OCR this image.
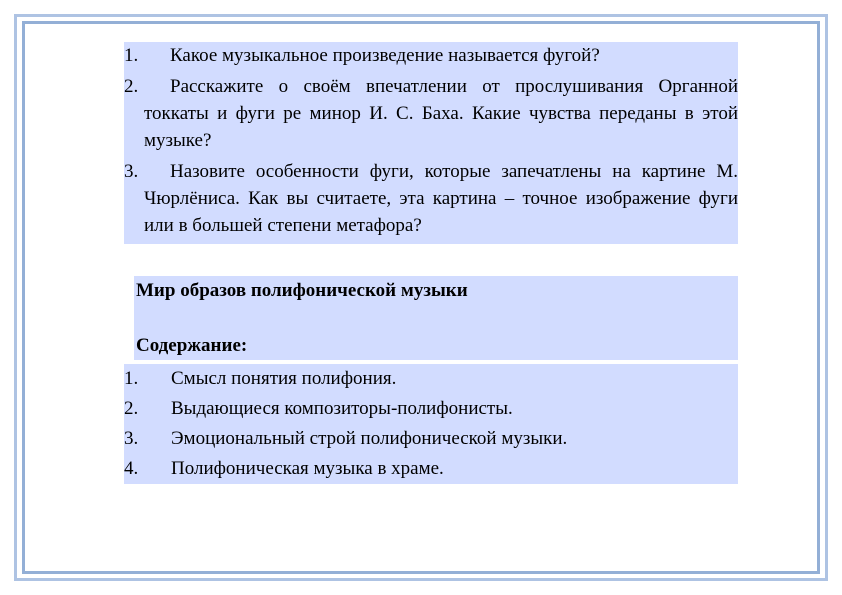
1. Какое музыкальное произведение называется фугой?

2. Расскажите о своём впечатлении от прослушивания Органной токкаты и фуги ре минор И. С. Баха. Какие чувства переданы в этой музыке?

3. Назовите особенности фуги, которые запечатлены на картине М. Чюрлёниса. Как вы считаете, эта картина – точное изображение фуги или в большей степени метафора?

Мир образов полифонической музыки
Содержание:
1. Смысл понятия полифония.
2. Выдающиеся композиторы-полифонисты.
3. Эмоциональный строй полифонической музыки.
4. Полифоническая музыка в храме.
